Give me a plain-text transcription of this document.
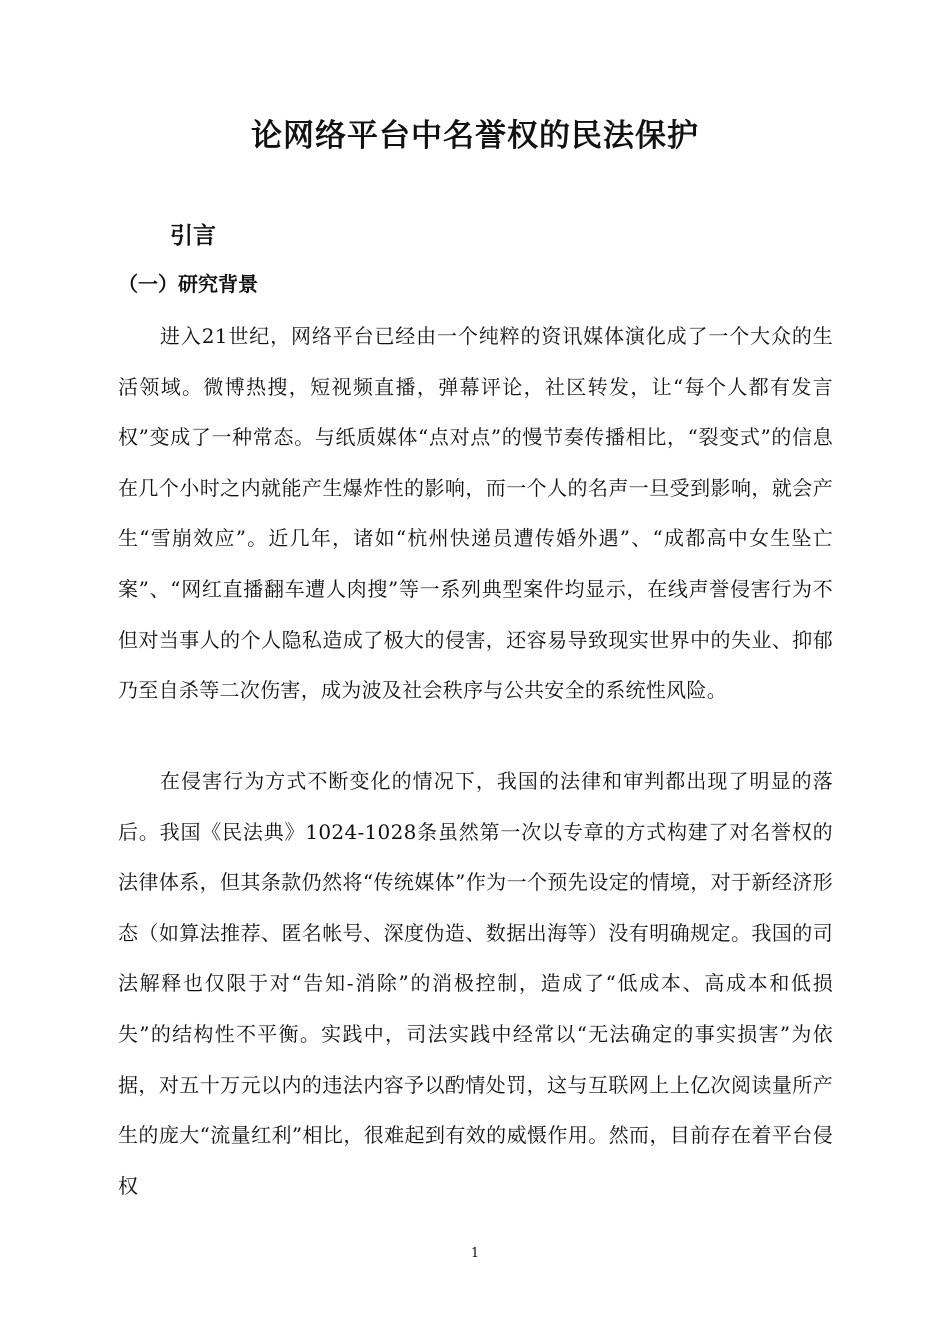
论网络平台中名誉权的民法保护
引言
（一）研究背景

进入21世纪，网络平台已经由一个纯粹的资讯媒体演化成了一个大众的生活领域。微博热搜，短视频直播，弹幕评论，社区转发，让“每个人都有发言权”变成了一种常态。与纸质媒体“点对点”的慢节奏传播相比，“裂变式”的信息在几个小时之内就能产生爆炸性的影响，而一个人的名声一旦受到影响，就会产生“雪崩效应”。近几年，诸如“杭州快递员遭传婚外遇”、“成都高中女生坠亡案”、“网红直播翻车遭人肉搜”等一系列典型案件均显示，在线声誉侵害行为不但对当事人的个人隐私造成了极大的侵害，还容易导致现实世界中的失业、抑郁乃至自杀等二次伤害，成为波及社会秩序与公共安全的系统性风险。

在侵害行为方式不断变化的情况下，我国的法律和审判都出现了明显的落后。我国《民法典》1024-1028条虽然第一次以专章的方式构建了对名誉权的法律体系，但其条款仍然将“传统媒体”作为一个预先设定的情境，对于新经济形态（如算法推荐、匿名帐号、深度伪造、数据出海等）没有明确规定。我国的司法解释也仅限于对“告知-消除”的消极控制，造成了“低成本、高成本和低损失”的结构性不平衡。实践中，司法实践中经常以“无法确定的事实损害”为依据，对五十万元以内的违法内容予以酌情处罚，这与互联网上上亿次阅读量所产生的庞大“流量红利”相比，很难起到有效的威慑作用。然而，目前存在着平台侵权

1
